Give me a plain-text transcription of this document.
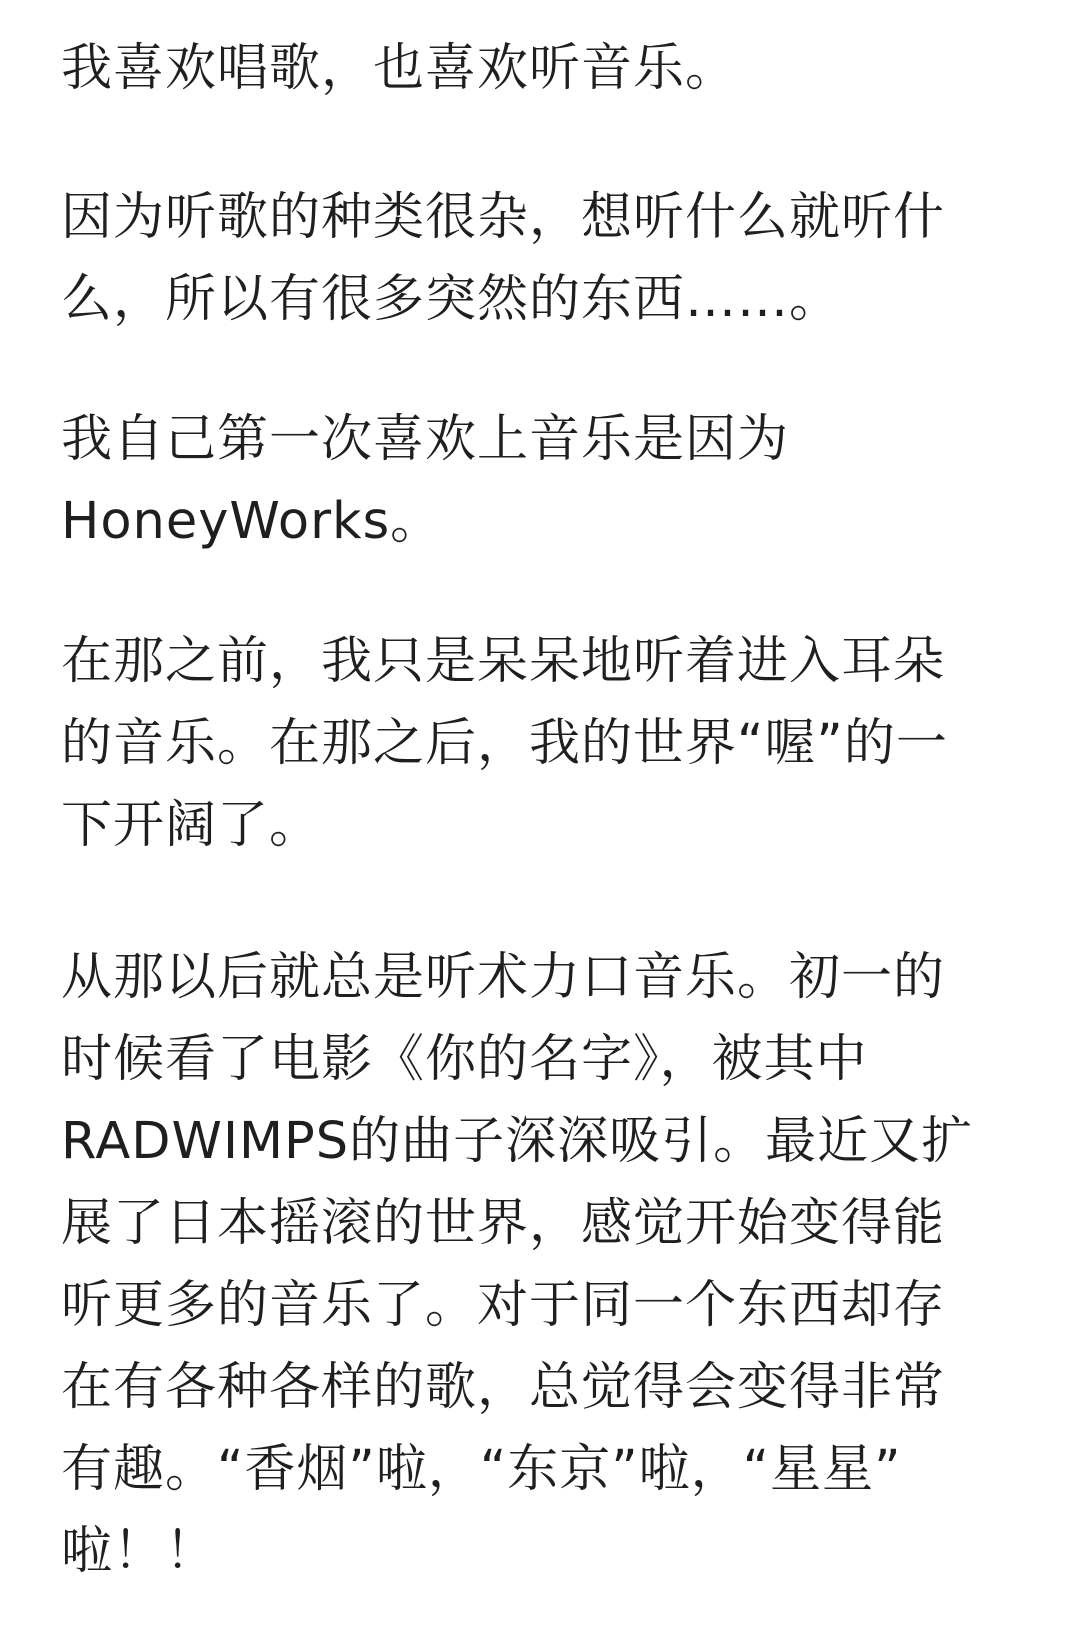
我喜欢唱歌，也喜欢听音乐。

因为听歌的种类很杂，想听什么就听什
么，所以有很多突然的东西……。

我自己第一次喜欢上音乐是因为
HoneyWorks。

在那之前，我只是呆呆地听着进入耳朵
的音乐。在那之后，我的世界“喔”的一
下开阔了。

从那以后就总是听术力口音乐。初一的
时候看了电影《你的名字》，被其中
RADWIMPS的曲子深深吸引。最近又扩
展了日本摇滚的世界，感觉开始变得能
听更多的音乐了。对于同一个东西却存
在有各种各样的歌，总觉得会变得非常
有趣。“香烟”啦，“东京”啦，“星星”
啦！！
